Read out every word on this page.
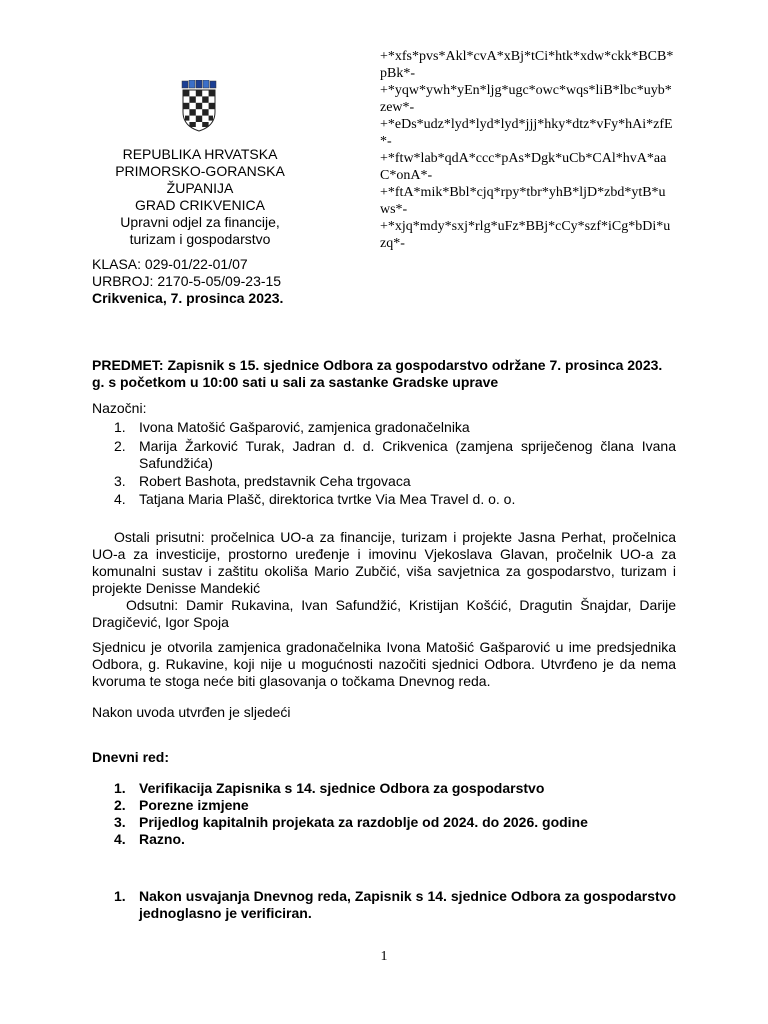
+*xfs*pvs*Akl*cvA*xBj*tCi*htk*xdw*ckk*BCB*
pBk*-
+*yqw*ywh*yEn*ljg*ugc*owc*wqs*liB*lbc*uyb*
zew*-
+*eDs*udz*lyd*lyd*lyd*jjj*hky*dtz*vFy*hAi*zfE
*-
+*ftw*lab*qdA*ccc*pAs*Dgk*uCb*CAl*hvA*aa
C*onA*-
+*ftA*mik*Bbl*cjq*rpy*tbr*yhB*ljD*zbd*ytB*u
ws*-
+*xjq*mdy*sxj*rlg*uFz*BBj*cCy*szf*iCg*bDi*u
zq*-
REPUBLIKA HRVATSKA
PRIMORSKO-GORANSKA ŽUPANIJA
GRAD CRIKVENICA
Upravni odjel za financije,
turizam i gospodarstvo
KLASA: 029-01/22-01/07
URBROJ: 2170-5-05/09-23-15
Crikvenica, 7. prosinca 2023.
PREDMET: Zapisnik s 15. sjednice Odbora za gospodarstvo održane 7. prosinca 2023.
g. s početkom u 10:00 sati u sali za sastanke Gradske uprave
Nazočni:
1. Ivona Matošić Gašparović, zamjenica gradonačelnika
2. Marija Žarković Turak, Jadran d. d. Crikvenica (zamjena spriječenog člana Ivana Safundžića)
3. Robert Bashota, predstavnik Ceha trgovaca
4. Tatjana Maria Plašč, direktorica tvrtke Via Mea Travel d. o. o.
Ostali prisutni: pročelnica UO-a za financije, turizam i projekte Jasna Perhat, pročelnica UO-a za investicije, prostorno uređenje i imovinu Vjekoslava Glavan, pročelnik UO-a za komunalni sustav i zaštitu okoliša Mario Zubčić, viša savjetnica za gospodarstvo, turizam i projekte Denisse Mandekić
Odsutni: Damir Rukavina, Ivan Safundžić, Kristijan Košćić, Dragutin Šnajdar, Darije Dragičević, Igor Spoja
Sjednicu je otvorila zamjenica gradonačelnika Ivona Matošić Gašparović u ime predsjednika Odbora, g. Rukavine, koji nije u mogućnosti nazočiti sjednici Odbora. Utvrđeno je da nema kvoruma te stoga neće biti glasovanja o točkama Dnevnog reda.
Nakon uvoda utvrđen je sljedeći
Dnevni red:
1. Verifikacija Zapisnika s 14. sjednice Odbora za gospodarstvo
2. Porezne izmjene
3. Prijedlog kapitalnih projekata za razdoblje od 2024. do 2026. godine
4. Razno.
1. Nakon usvajanja Dnevnog reda, Zapisnik s 14. sjednice Odbora za gospodarstvo jednoglasno je verificiran.
1
